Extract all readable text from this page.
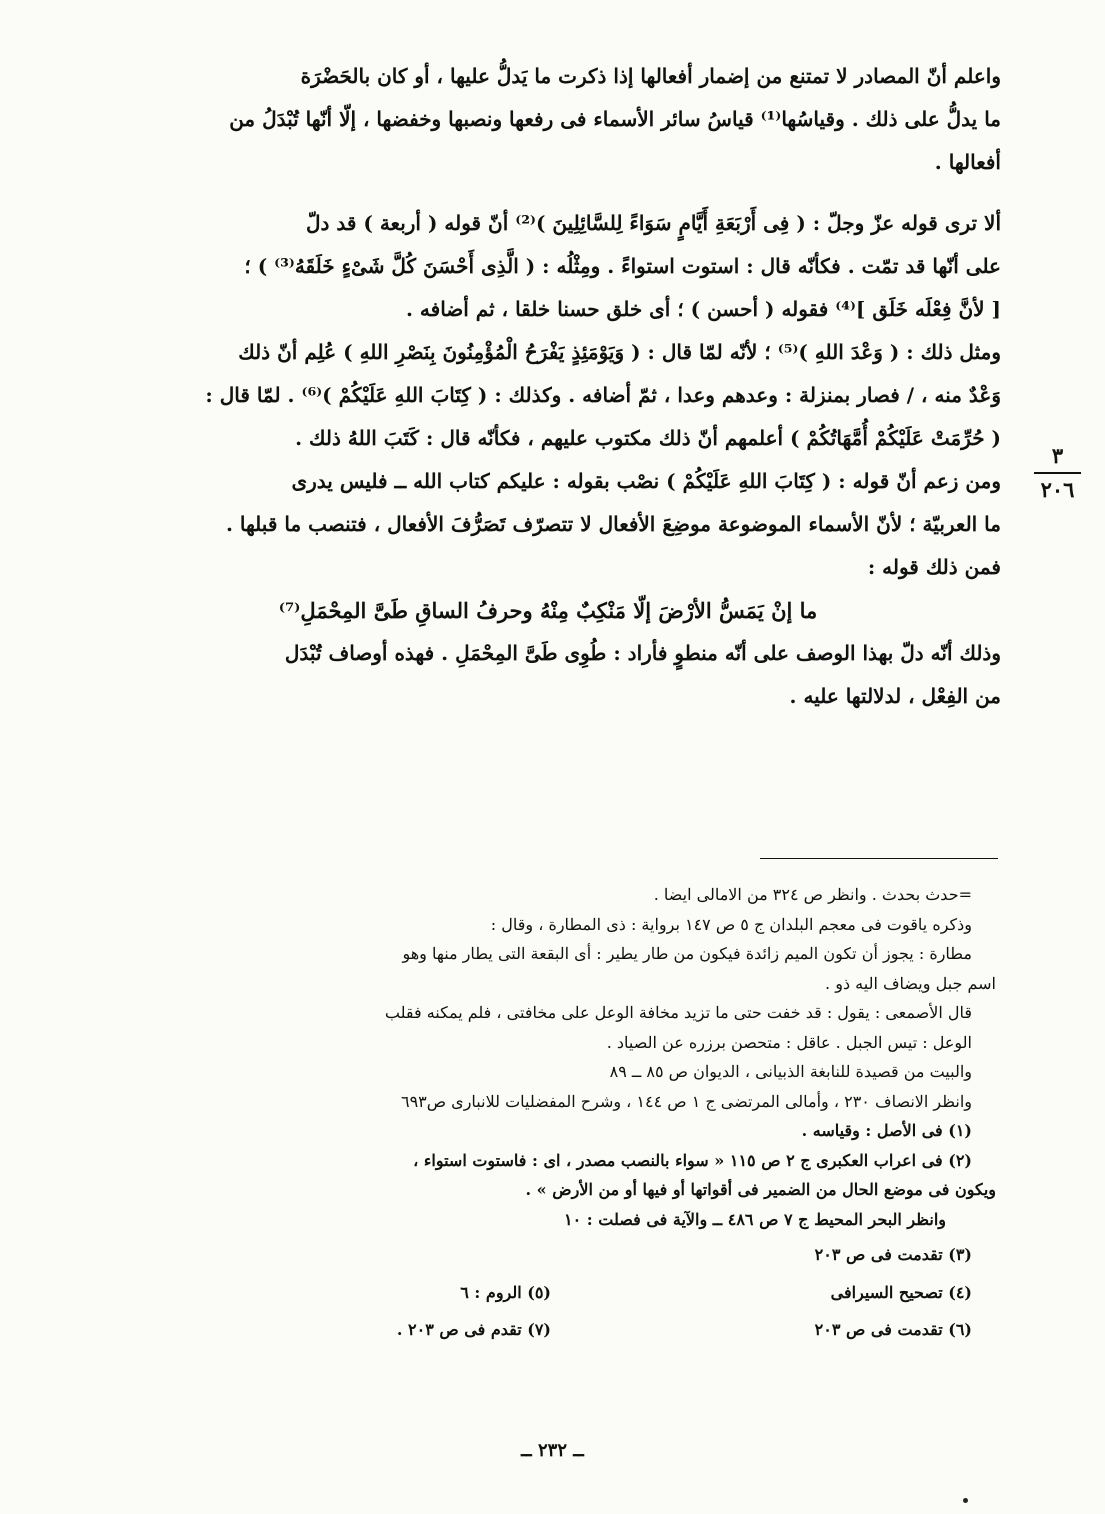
واعلم أنّ المصادر لا تمتنع من إضمار أفعالها إذا ذكرت ما يَدلُّ عليها ، أو كان بالحَضْرَة

ما يدلُّ على ذلك . وقياسُها⁽¹⁾ قياسُ سائر الأسماء فى رفعها ونصبها وخفضها ، إلّا أنّها تُبْدَلُ من

أفعالها .

ألا ترى قوله عزّ وجلّ : ( فِى أَرْبَعَةِ أَيَّامٍ سَوَاءً لِلسَّائِلِينَ )⁽²⁾ أنّ قوله ( أربعة ) قد دلّ

على أنّها قد تمّت . فكأنّه قال : استوت استواءً . ومِثْلُه : ( الَّذِى أَحْسَنَ كُلَّ شَىْءٍ خَلَقَهُ⁽³⁾ ) ؛

[ لأنَّ فِعْلَه خَلَق ]⁽⁴⁾ فقوله ( أحسن ) ؛ أى خلق حسنا خلقا ، ثم أضافه .

ومثل ذلك : ( وَعْدَ اللهِ )⁽⁵⁾ ؛ لأنّه لمّا قال : ( وَيَوْمَئِذٍ يَفْرَحُ الْمُؤْمِنُونَ بِنَصْرِ اللهِ ) عُلِم أنّ ذلك

وَعْدٌ منه ، / فصار بمنزلة : وعدهم وعدا ، ثمّ أضافه . وكذلك : ( كِتَابَ اللهِ عَلَيْكُمْ )⁽⁶⁾ . لمّا قال :

( حُرِّمَتْ عَلَيْكُمْ أُمَّهَاتُكُمْ ) أعلمهم أنّ ذلك مكتوب عليهم ، فكأنّه قال : كَتَبَ اللهُ ذلك .

ومن زعم أنّ قوله : ( كِتَابَ اللهِ عَلَيْكُمْ ) نصْب بقوله : عليكم كتاب الله ــ فليس يدرى

ما العربيّة ؛ لأنّ الأسماء الموضوعة موضِعَ الأفعال لا تتصرّف تَصَرُّفَ الأفعال ، فتنصب ما قبلها .

فمن ذلك قوله :

ما إنْ يَمَسُّ الأرْضَ إلّا مَنْكِبٌ مِنْهُ وحرفُ الساقِ طَىَّ المِحْمَلِ⁽⁷⁾

وذلك أنّه دلّ بهذا الوصف على أنّه منطوٍ فأراد : طُوِى طَىَّ المِحْمَلِ . فهذه أوصاف تُبْدَل

من الفِعْل ، لدلالتها عليه .

٣
٢٠٦

=حدث بحدث . وانظر ص ٣٢٤ من الامالى ايضا .

وذكره ياقوت فى معجم البلدان ج ٥ ص ١٤٧ برواية : ذى المطارة ، وقال :

مطارة : يجوز أن تكون الميم زائدة فيكون من طار يطير : أى البقعة التى يطار منها وهو

اسم جبل ويضاف اليه ذو .

قال الأصمعى : يقول : قد خفت حتى ما تزيد مخافة الوعل على مخافتى ، فلم يمكنه فقلب

الوعل : تيس الجبل . عاقل : متحصن برزره عن الصياد .

والبيت من قصيدة للنابغة الذبيانى ، الديوان ص ٨٥ ــ ٨٩

وانظر الانصاف ٢٣٠ ، وأمالى المرتضى ج ١ ص ١٤٤ ، وشرح المفضليات للانبارى ص٦٩٣

(١) فى الأصل : وقياسه .

(٢) فى اعراب العكبرى ج ٢ ص ١١٥ « سواء بالنصب مصدر ، اى : فاستوت استواء ،

ويكون فى موضع الحال من الضمير فى أقواتها أو فيها أو من الأرض » .

وانظر البحر المحيط ج ٧ ص ٤٨٦ ــ والآية فى فصلت : ١٠

(٣) تقدمت فى ص ٢٠٣

(٤) تصحيح السيرافى
(٥) الروم : ٦
(٦) تقدمت فى ص ٢٠٣
(٧) تقدم فى ص ٢٠٣ .
ــ ٢٣٢ ــ
